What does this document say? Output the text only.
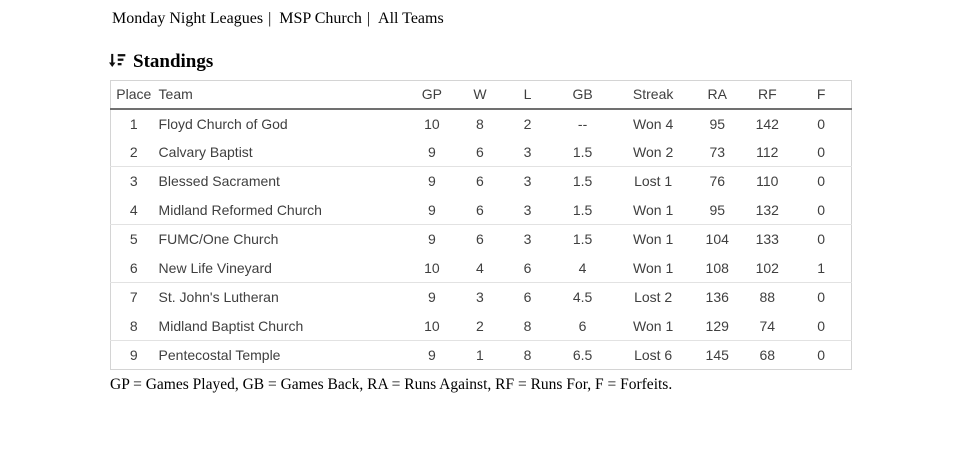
Monday Night Leagues | MSP Church | All Teams
Standings
Place	Team	GP	W	L	GB	Streak	RA	RF	F
1	Floyd Church of God	10	8	2	--	Won 4	95	142	0
2	Calvary Baptist	9	6	3	1.5	Won 2	73	112	0
3	Blessed Sacrament	9	6	3	1.5	Lost 1	76	110	0
4	Midland Reformed Church	9	6	3	1.5	Won 1	95	132	0
5	FUMC/One Church	9	6	3	1.5	Won 1	104	133	0
6	New Life Vineyard	10	4	6	4	Won 1	108	102	1
7	St. John's Lutheran	9	3	6	4.5	Lost 2	136	88	0
8	Midland Baptist Church	10	2	8	6	Won 1	129	74	0
9	Pentecostal Temple	9	1	8	6.5	Lost 6	145	68	0

GP = Games Played, GB = Games Back, RA = Runs Against, RF = Runs For, F = Forfeits.
